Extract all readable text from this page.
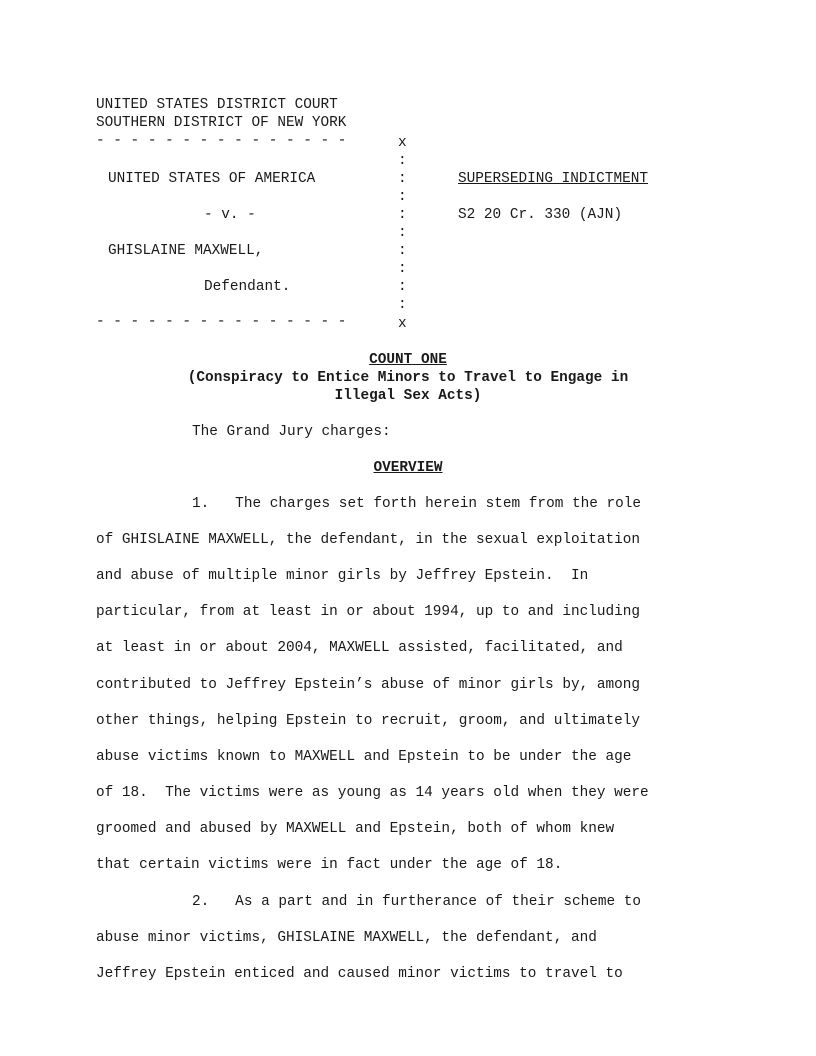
UNITED STATES DISTRICT COURT
SOUTHERN DISTRICT OF NEW YORK
- - - - - - - - - - - - - - -	x
:
:
:
:
:
:
:
:
:
UNITED STATES OF AMERICA
- v. -
GHISLAINE MAXWELL,
Defendant.
- - - - - - - - - - - - - - -	x
SUPERSEDING INDICTMENT
S2 20 Cr. 330 (AJN)
COUNT ONE
(Conspiracy to Entice Minors to Travel to Engage in
Illegal Sex Acts)
The Grand Jury charges:
OVERVIEW
1.   The charges set forth herein stem from the role
of GHISLAINE MAXWELL, the defendant, in the sexual exploitation
and abuse of multiple minor girls by Jeffrey Epstein.  In
particular, from at least in or about 1994, up to and including
at least in or about 2004, MAXWELL assisted, facilitated, and
contributed to Jeffrey Epstein’s abuse of minor girls by, among
other things, helping Epstein to recruit, groom, and ultimately
abuse victims known to MAXWELL and Epstein to be under the age
of 18.  The victims were as young as 14 years old when they were
groomed and abused by MAXWELL and Epstein, both of whom knew
that certain victims were in fact under the age of 18.
2.   As a part and in furtherance of their scheme to
abuse minor victims, GHISLAINE MAXWELL, the defendant, and
Jeffrey Epstein enticed and caused minor victims to travel to
